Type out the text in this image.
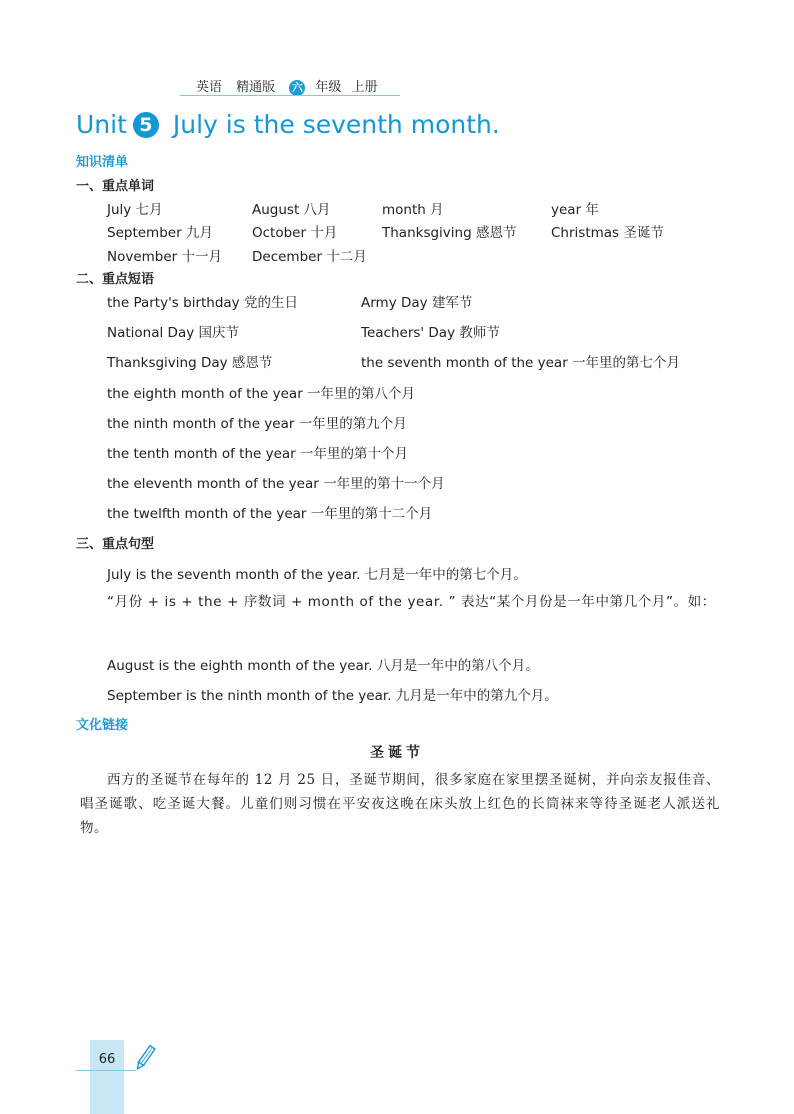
英语 精通版 六 年级 上册
Unit 5 July is the seventh month.
知识清单
一、重点单词
July 七月	August 八月	month 月	year 年
September 九月	October 十月	Thanksgiving 感恩节	Christmas 圣诞节
November 十一月 December 十二月
二、重点短语
the Party's birthday 党的生日	Army Day 建军节
National Day 国庆节	Teachers' Day 教师节
Thanksgiving Day 感恩节	the seventh month of the year 一年里的第七个月
the eighth month of the year 一年里的第八个月
the ninth month of the year 一年里的第九个月
the tenth month of the year 一年里的第十个月
the eleventh month of the year 一年里的第十一个月
the twelfth month of the year 一年里的第十二个月
三、重点句型
July is the seventh month of the year. 七月是一年中的第七个月。
“月份 + is + the + 序数词 + month of the year. ” 表达“某个月份是一年中第几个月”。如：
August is the eighth month of the year. 八月是一年中的第八个月。
September is the ninth month of the year. 九月是一年中的第九个月。
文化链接
圣诞节
西方的圣诞节在每年的 12 月 25 日，圣诞节期间，很多家庭在家里摆圣诞树，并向亲友报佳音、唱圣诞歌、吃圣诞大餐。儿童们则习惯在平安夜这晚在床头放上红色的长筒袜来等待圣诞老人派送礼物。
66
